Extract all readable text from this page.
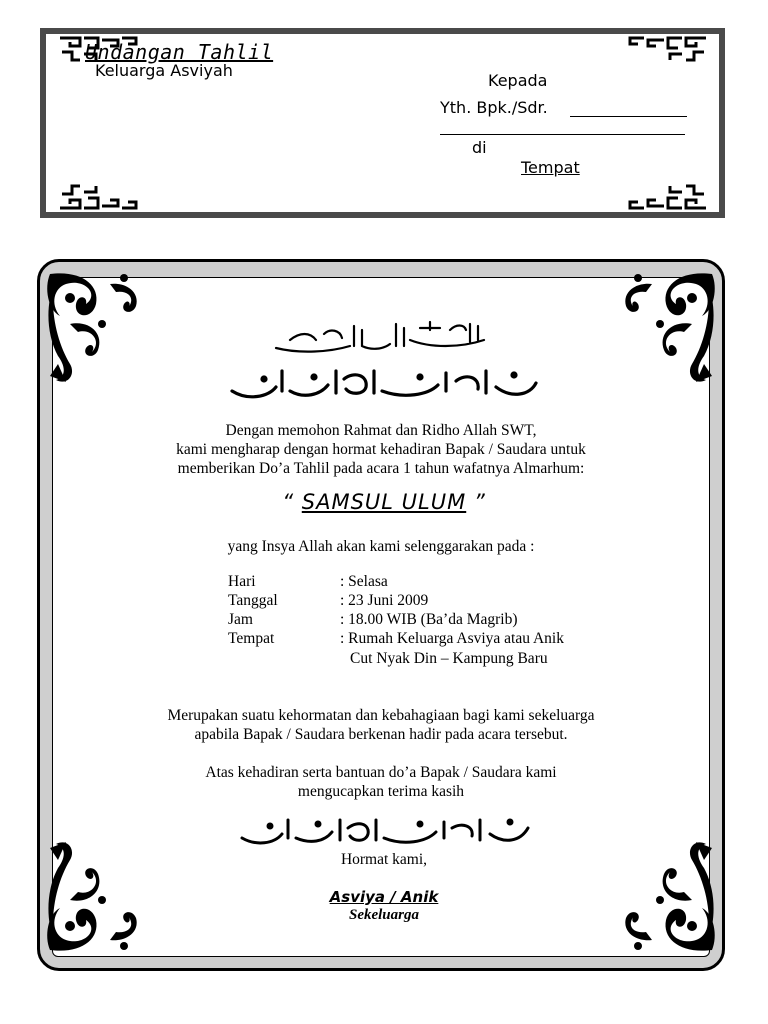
Undangan Tahlil
Keluarga Asviyah
Kepada
Yth. Bpk./Sdr.
di
Tempat
Dengan memohon Rahmat dan Ridho Allah SWT,
kami mengharap dengan hormat kehadiran Bapak / Saudara untuk
memberikan Do’a Tahlil pada acara 1 tahun wafatnya Almarhum:
“ SAMSUL ULUM ”
yang Insya Allah akan kami selenggarakan pada :
Hari	: Selasa
Tanggal	: 23 Juni 2009
Jam	: 18.00 WIB (Ba’da Magrib)
Tempat	: Rumah Keluarga Asviya atau Anik
Cut Nyak Din – Kampung Baru
Merupakan suatu kehormatan dan kebahagiaan bagi kami sekeluarga
apabila Bapak / Saudara berkenan hadir pada acara tersebut.
Atas kehadiran serta bantuan do’a Bapak / Saudara kami
mengucapkan terima kasih
Hormat kami,
Asviya / Anik
Sekeluarga
